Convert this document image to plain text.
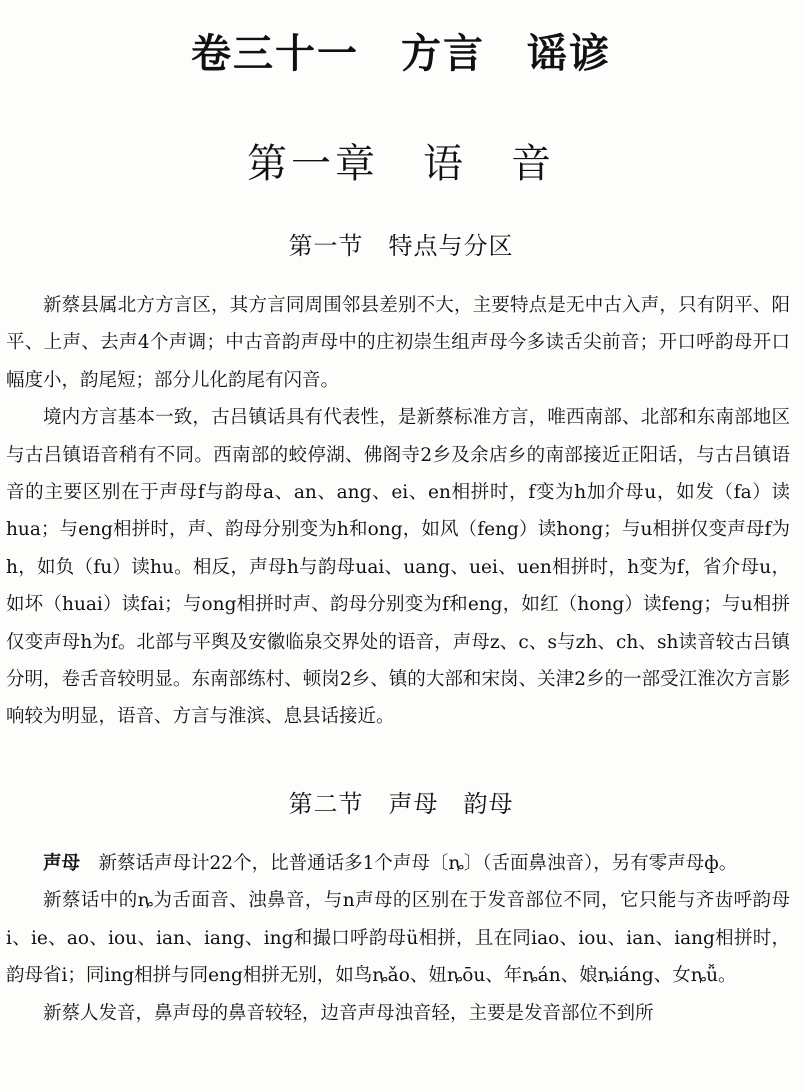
卷三十一　方言　谣谚
第一章　语　音
第一节　特点与分区

新蔡县属北方方言区，其方言同周围邻县差别不大，主要特点是无中古入声，只有阴平、阳平、上声、去声4个声调；中古音韵声母中的庄初崇生组声母今多读舌尖前音；开口呼韵母开口幅度小，韵尾短；部分儿化韵尾有闪音。

境内方言基本一致，古吕镇话具有代表性，是新蔡标准方言，唯西南部、北部和东南部地区与古吕镇语音稍有不同。西南部的蛟停湖、佛阁寺2乡及余店乡的南部接近正阳话，与古吕镇语音的主要区别在于声母f与韵母a、an、ang、ei、en相拼时，f变为h加介母u，如发（fa）读hua；与eng相拼时，声、韵母分别变为h和ong，如风（feng）读hong；与u相拼仅变声母f为h，如负（fu）读hu。相反，声母h与韵母uai、uang、uei、uen相拼时，h变为f，省介母u，如坏（huai）读fai；与ong相拼时声、韵母分别变为f和eng，如红（hong）读feng；与u相拼仅变声母h为f。北部与平舆及安徽临泉交界处的语音，声母z、c、s与zh、ch、sh读音较古吕镇分明，卷舌音较明显。东南部练村、顿岗2乡、镇的大部和宋岗、关津2乡的一部受江淮次方言影响较为明显，语音、方言与淮滨、息县话接近。

第二节　声母　韵母

声母　 新蔡话声母计22个，比普通话多1个声母〔ȵ〕（舌面鼻浊音），另有零声母ф。

新蔡话中的ȵ为舌面音、浊鼻音，与n声母的区别在于发音部位不同，它只能与齐齿呼韵母i、ie、ao、iou、ian、iang、ing和撮口呼韵母ü相拼，且在同iao、iou、ian、iang相拼时，韵母省i；同ing相拼与同eng相拼无别，如鸟ȵǎo、妞ȵōu、年ȵán、娘ȵiáng、女ȵǚ。

新蔡人发音，鼻声母的鼻音较轻，边音声母浊音轻，主要是发音部位不到所
